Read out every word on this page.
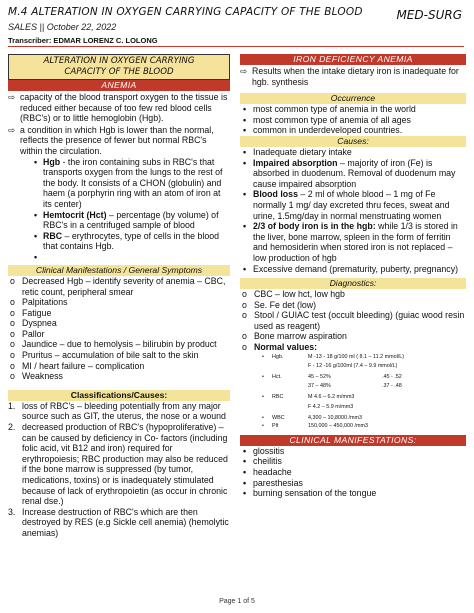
M.4 ALTERATION IN OXYGEN CARRYING CAPACITY OF THE BLOOD	MED-SURG
SALES || October 22, 2022
Transcriber: EDMAR LORENZ C. LOLONG
ALTERATION IN OXYGEN CARRYING
CAPACITY OF THE BLOOD
ANEMIA
⇨ capacity of the blood transport oxygen to the tissue is reduced either because of too few red blood cells (RBC's) or to little hemoglobin (Hgb).
⇨ a condition in which Hgb is lower than the normal, reflects the presence of fewer but normal RBC's within the circulation.
• Hgb - the iron containing subs in RBC's that transports oxygen from the lungs to the rest of the body. It consists of a CHON (globulin) and haem (a porphyrin ring with an atom of iron at its center)
• Hemtocrit (Hct) – percentage (by volume) of RBC's in a centrifuged sample of blood
• RBC – erythrocytes, type of cells in the blood that contains Hgb.
•
Clinical Manifestations / General Symptoms
o Decreased Hgb – identify severity of anemia – CBC, retic count, peripheral smear
o Palpitations
o Fatigue
o Dyspnea
o Pallor
o Jaundice – due to hemolysis – bilirubin by product
o Pruritus – accumulation of bile salt to the skin
o MI / heart failure – complication
o Weakness
Classifications/Causes:
1. loss of RBC's – bleeding potentially from any major source such as GIT, the uterus, the nose or a wound
2. decreased production of RBC's (hypoproliferative) – can be caused by deficiency in Co- factors (including folic acid, vit B12 and iron) required for erythropoiesis; RBC production may also be reduced if the bone marrow is suppressed (by tumor, medications, toxins) or is inadequately stimulated because of lack of erythropoietin (as occur in chronic renal dse.)
3. Increase destruction of RBC's which are then destroyed by RES (e.g Sickle cell anemia) (hemolytic anemias)
IRON DEFICIENCY ANEMIA
⇨ Results when the intake dietary iron is inadequate for hgb. synthesis
Occurrence
• most common type of anemia in the world
• most common type of anemia of all ages
• common in underdeveloped countries.
Causes:
• Inadequate dietary intake
• Impaired absorption – majority of iron (Fe) is absorbed in duodenum. Removal of duodenum may cause impaired absorption
• Blood loss – 2 ml of whole blood – 1 mg of Fe normally 1 mg/ day excreted thru feces, sweat and urine, 1.5mg/day in normal menstruating women
• 2/3 of body iron is in the hgb: while 1/3 is stored in the liver, bone marrow, spleen in the form of ferritin and hemosiderin when stored iron is not replaced – low production of hgb
• Excessive demand (prematurity, puberty, pregnancy)
Diagnostics:
o CBC – low hct, low hgb
o Se. Fe det (low)
o Stool / GUIAC test (occult bleeding) (guiac wood resin used as reagent)
o Bone marrow aspiration
o Normal values:
• Hgb.	M -13 - 18 g/100 ml ( 8.1 – 11.2 mmol/L)
F - 12 -16 g/100ml (7.4 – 9.9 mmol/L)
• Hct.	45 – 52%	.45 - .52
37 – 48%	.37 - .48
• RBC	M 4.6 – 6.2 m/mm3
F 4.2 – 5.9 m/mm3
• WBC	4,300 – 10,8000 /mm3
• Plt	150,000 – 450,000 /mm3
CLINICAL MANIFESTATIONS:
• glossitis
• cheilitis
• headache
• paresthesias
• burning sensation of the tongue
Page 1 of 5
